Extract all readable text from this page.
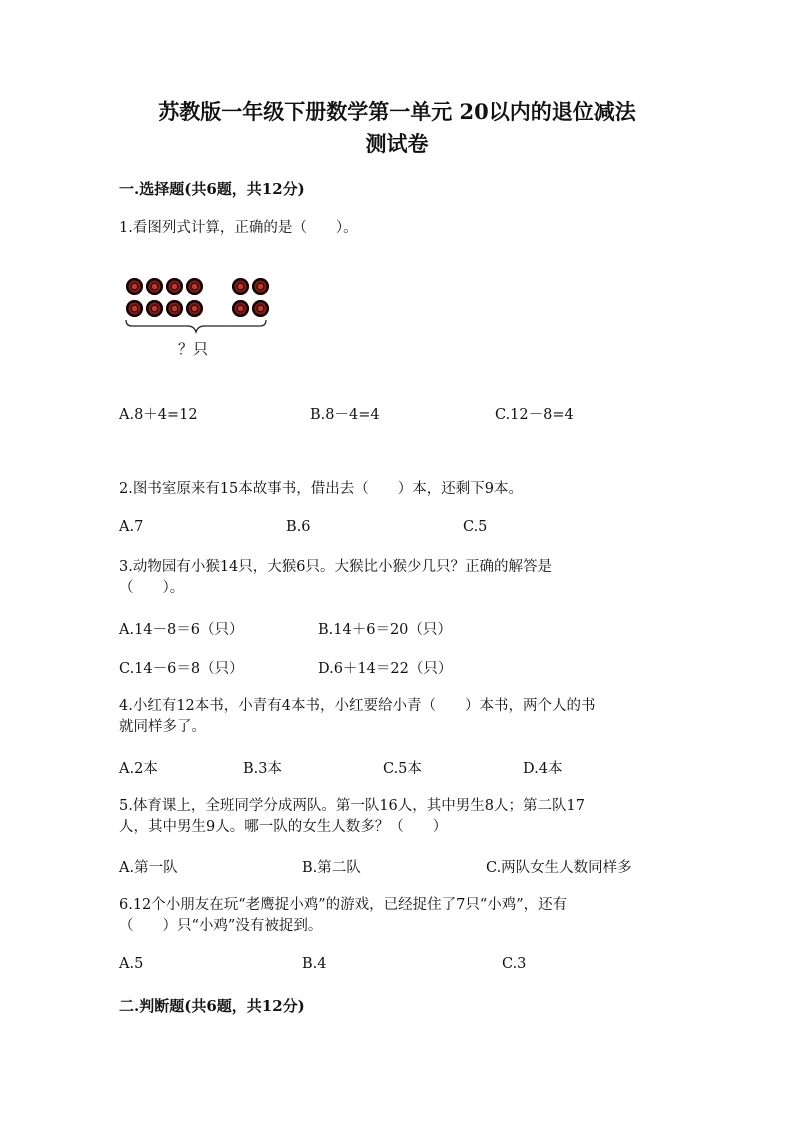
苏教版一年级下册数学第一单元 20以内的退位减法
测试卷
一.选择题(共6题，共12分)
1.看图列式计算，正确的是（　　）。
？只
A.8＋4=12	B.8－4=4	C.12－8=4
2.图书室原来有15本故事书，借出去（　　）本，还剩下9本。
A.7	B.6	C.5
3.动物园有小猴14只，大猴6只。大猴比小猴少几只？正确的解答是
（　　）。
A.14－8＝6（只）	B.14＋6＝20（只）
C.14－6＝8（只）	D.6＋14＝22（只）
4.小红有12本书，小青有4本书，小红要给小青（　　）本书，两个人的书
就同样多了。
A.2本	B.3本	C.5本	D.4本
5.体育课上，全班同学分成两队。第一队16人，其中男生8人；第二队17
人，其中男生9人。哪一队的女生人数多？（　　）
A.第一队	B.第二队	C.两队女生人数同样多
6.12个小朋友在玩“老鹰捉小鸡”的游戏，已经捉住了7只“小鸡”，还有
（　　）只“小鸡”没有被捉到。
A.5	B.4	C.3
二.判断题(共6题，共12分)
